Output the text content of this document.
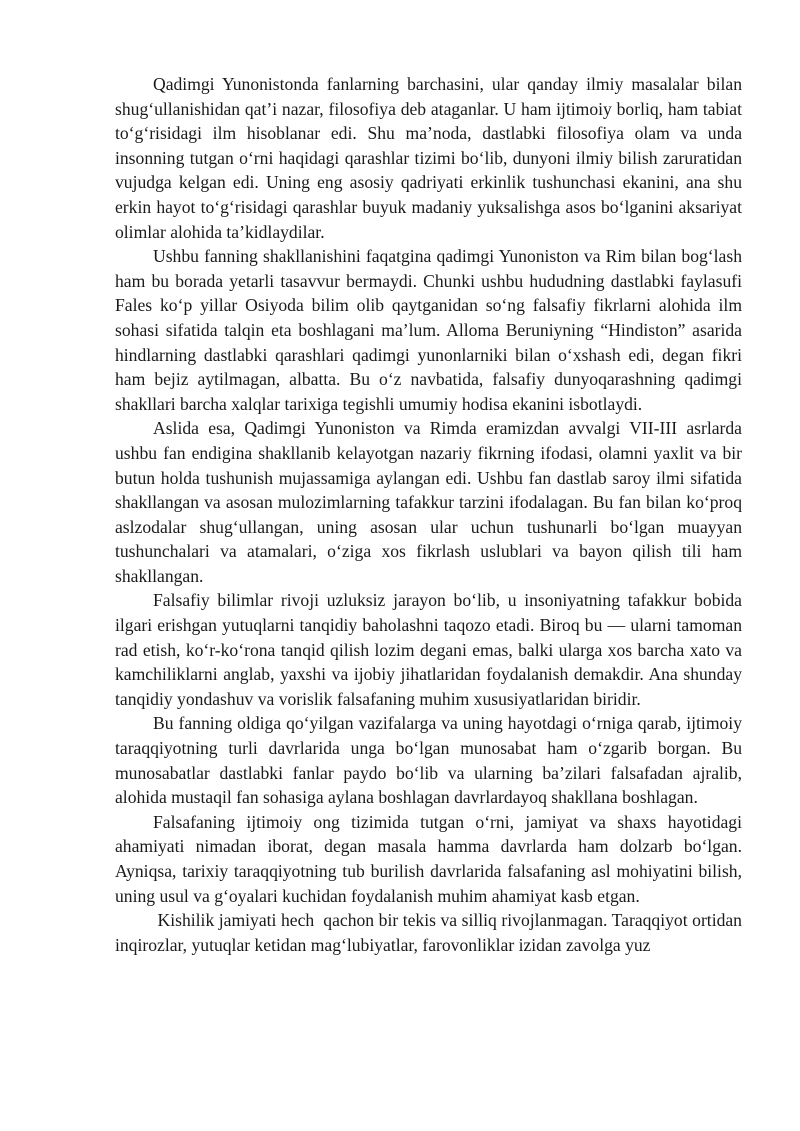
Qadimgi Yunonistonda fanlarning barchasini, ular qanday ilmiy masalalar bilan shug‘ullanishidan qat’i nazar, filosofiya deb ataganlar. U ham ijtimoiy borliq, ham tabiat to‘g‘risidagi ilm hisoblanar edi. Shu ma’noda, dastlabki filosofiya olam va unda insonning tutgan o‘rni haqidagi qarashlar tizimi bo‘lib, dunyoni ilmiy bilish zaruratidan vujudga kelgan edi. Uning eng asosiy qadriyati erkinlik tushunchasi ekanini, ana shu erkin hayot to‘g‘risidagi qarashlar buyuk madaniy yuksalishga asos bo‘lganini aksariyat olimlar alohida ta’kidlaydilar.

Ushbu fanning shakllanishini faqatgina qadimgi Yunoniston va Rim bilan bog‘lash ham bu borada yetarli tasavvur bermaydi. Chunki ushbu hududning dastlabki faylasufi Fales ko‘p yillar Osiyoda bilim olib qaytganidan so‘ng falsafiy fikrlarni alohida ilm sohasi sifatida talqin eta boshlagani ma’lum. Alloma Beruniyning “Hindiston” asarida hindlarning dastlabki qarashlari qadimgi yunonlarniki bilan o‘xshash edi, degan fikri ham bejiz aytilmagan, albatta. Bu o‘z navbatida, falsafiy dunyoqarashning qadimgi shakllari barcha xalqlar tarixiga tegishli umumiy hodisa ekanini isbotlaydi.

Aslida esa, Qadimgi Yunoniston va Rimda eramizdan avvalgi VII-III asrlarda ushbu fan endigina shakllanib kelayotgan nazariy fikrning ifodasi, olamni yaxlit va bir butun holda tushunish mujassamiga aylangan edi. Ushbu fan dastlab saroy ilmi sifatida shakllangan va asosan mulozimlarning tafakkur tarzini ifodalagan. Bu fan bilan ko‘proq aslzodalar shug‘ullangan, uning asosan ular uchun tushunarli bo‘lgan muayyan tushunchalari va atamalari, o‘ziga xos fikrlash uslublari va bayon qilish tili ham shakllangan.

Falsafiy bilimlar rivoji uzluksiz jarayon bo‘lib, u insoniyatning tafakkur bobida ilgari erishgan yutuqlarni tanqidiy baholashni taqozo etadi. Biroq bu — ularni tamoman rad etish, ko‘r-ko‘rona tanqid qilish lozim degani emas, balki ularga xos barcha xato va kamchiliklarni anglab, yaxshi va ijobiy jihatlaridan foydalanish demakdir. Ana shunday tanqidiy yondashuv va vorislik falsafaning muhim xususiyatlaridan biridir.

Bu fanning oldiga qo‘yilgan vazifalarga va uning hayotdagi o‘rniga qarab, ijtimoiy taraqqiyotning turli davrlarida unga bo‘lgan munosabat ham o‘zgarib borgan. Bu munosabatlar dastlabki fanlar paydo bo‘lib va ularning ba’zilari falsafadan ajralib, alohida mustaqil fan sohasiga aylana boshlagan davrlardayoq shakllana boshlagan.

Falsafaning ijtimoiy ong tizimida tutgan o‘rni, jamiyat va shaxs hayotidagi ahamiyati nimadan iborat, degan masala hamma davrlarda ham dolzarb bo‘lgan. Ayniqsa, tarixiy taraqqiyotning tub burilish davrlarida falsafaning asl mohiyatini bilish, uning usul va g‘oyalari kuchidan foydalanish muhim ahamiyat kasb etgan.

Kishilik jamiyati hech  qachon bir tekis va silliq rivojlanmagan. Taraqqiyot ortidan inqirozlar, yutuqlar ketidan mag‘lubiyatlar, farovonliklar izidan zavolga yuz
